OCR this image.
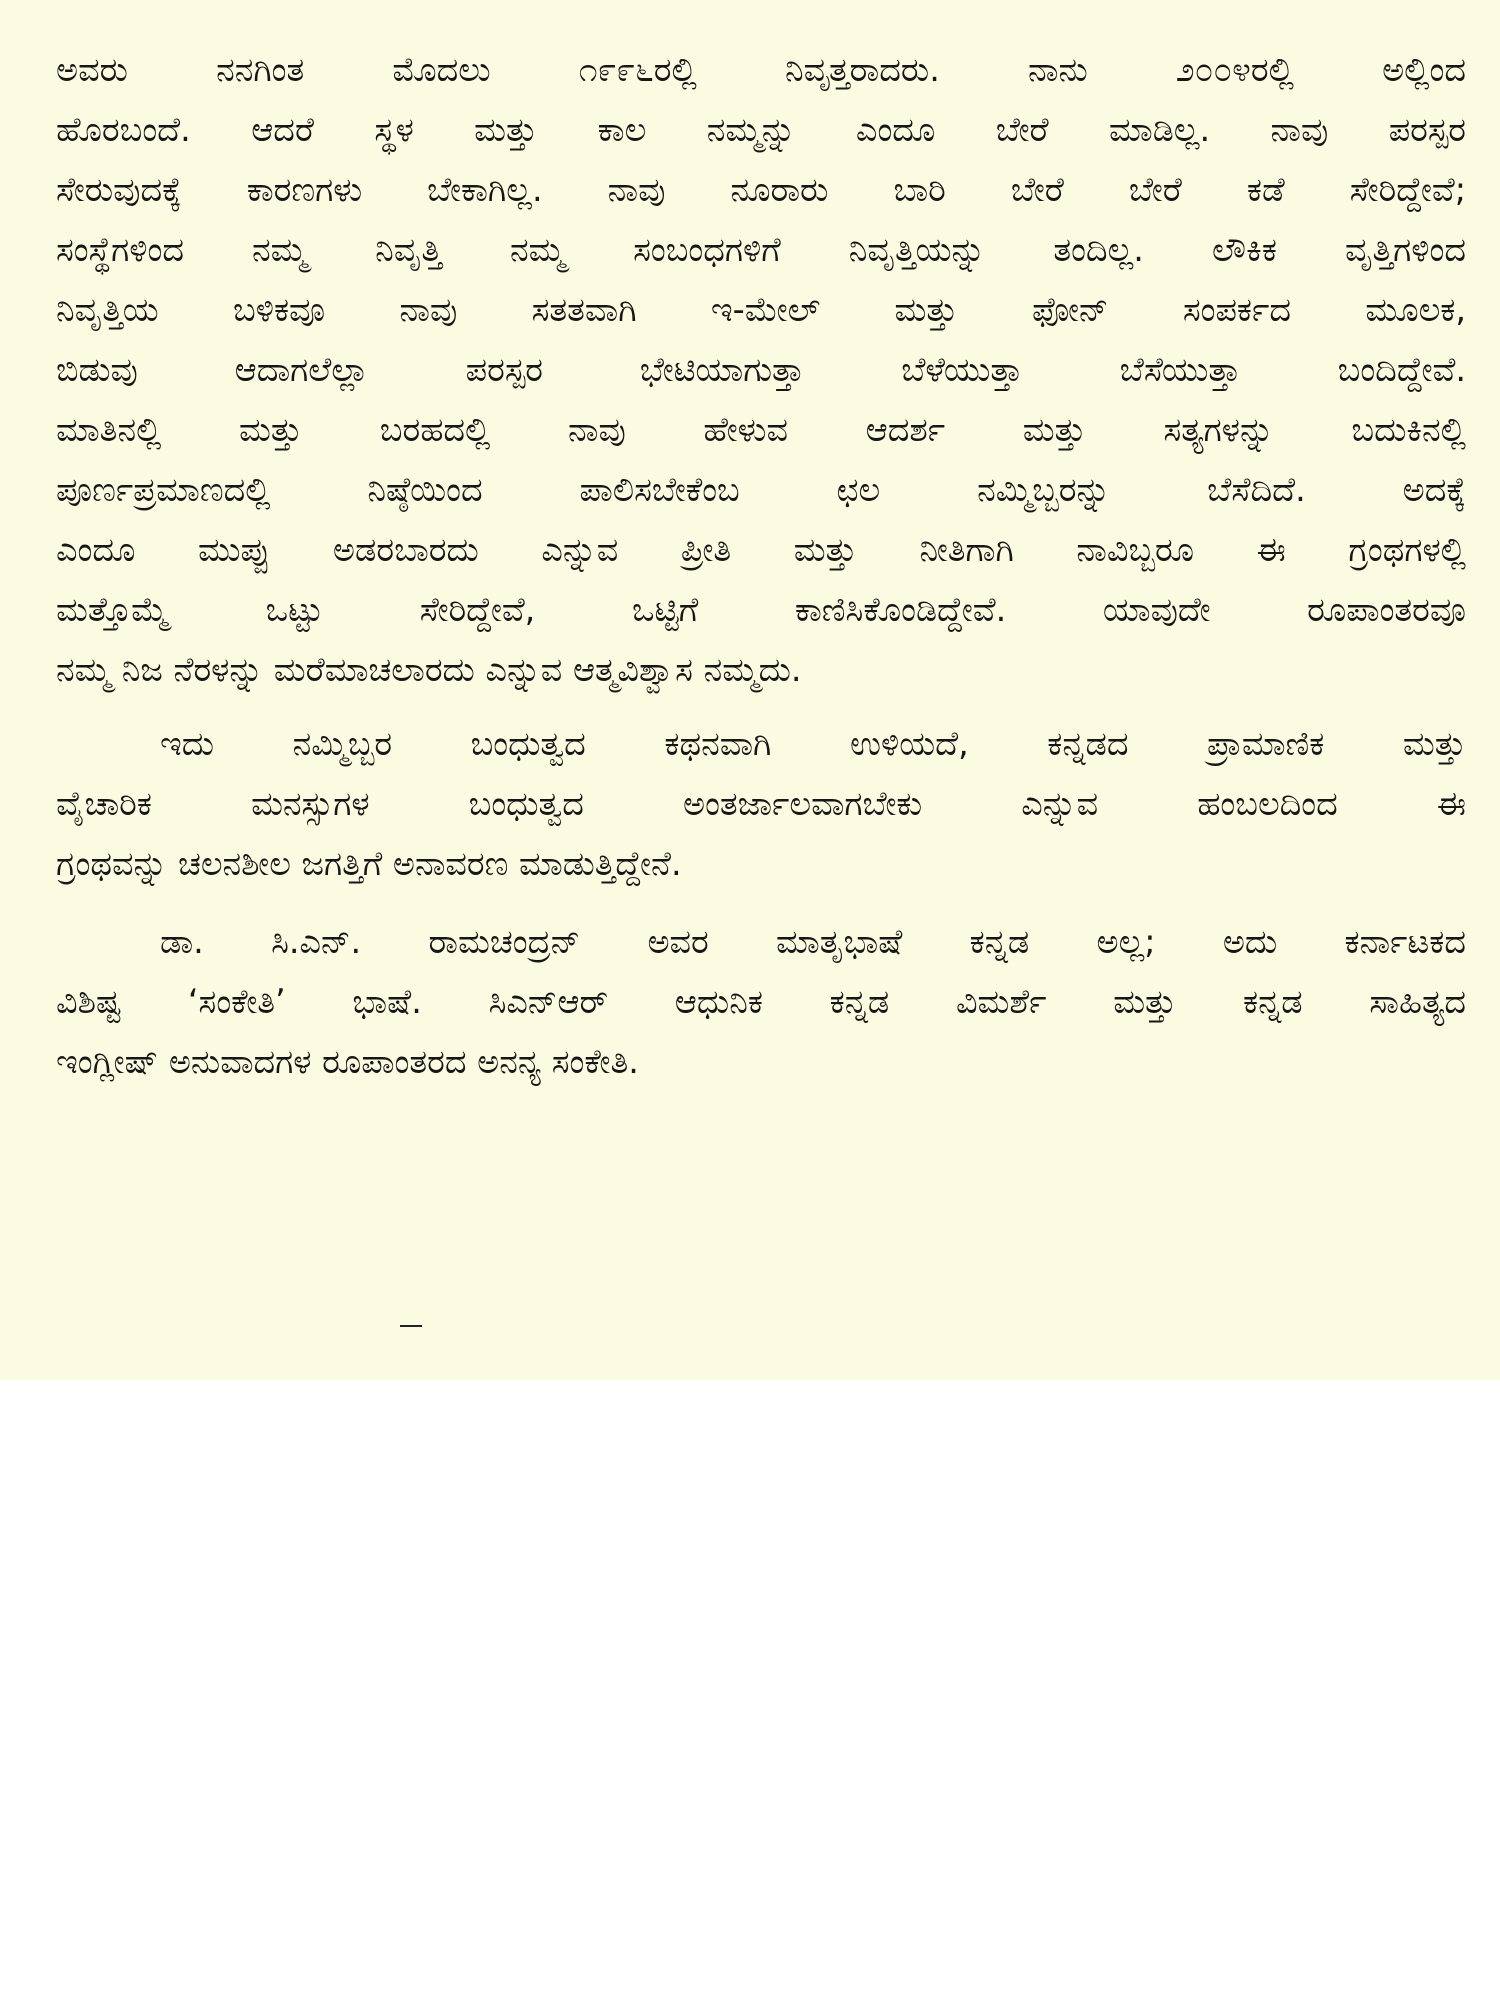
ಅವರು ನನಗಿಂತ ಮೊದಲು ೧೯೯೬ರಲ್ಲಿ ನಿವೃತ್ತರಾದರು. ನಾನು ೨೦೦೪ರಲ್ಲಿ ಅಲ್ಲಿಂದ
ಹೊರಬಂದೆ. ಆದರೆ ಸ್ಥಳ ಮತ್ತು ಕಾಲ ನಮ್ಮನ್ನು ಎಂದೂ ಬೇರೆ ಮಾಡಿಲ್ಲ. ನಾವು ಪರಸ್ಪರ
ಸೇರುವುದಕ್ಕೆ ಕಾರಣಗಳು ಬೇಕಾಗಿಲ್ಲ. ನಾವು ನೂರಾರು ಬಾರಿ ಬೇರೆ ಬೇರೆ ಕಡೆ ಸೇರಿದ್ದೇವೆ;
ಸಂಸ್ಥೆಗಳಿಂದ ನಮ್ಮ ನಿವೃತ್ತಿ ನಮ್ಮ ಸಂಬಂಧಗಳಿಗೆ ನಿವೃತ್ತಿಯನ್ನು ತಂದಿಲ್ಲ. ಲೌಕಿಕ ವೃತ್ತಿಗಳಿಂದ
ನಿವೃತ್ತಿಯ ಬಳಿಕವೂ ನಾವು ಸತತವಾಗಿ ಇ-ಮೇಲ್ ಮತ್ತು ಫೋನ್ ಸಂಪರ್ಕದ ಮೂಲಕ,
ಬಿಡುವು ಆದಾಗಲೆಲ್ಲಾ ಪರಸ್ಪರ ಭೇಟಿಯಾಗುತ್ತಾ ಬೆಳೆಯುತ್ತಾ ಬೆಸೆಯುತ್ತಾ ಬಂದಿದ್ದೇವೆ.
ಮಾತಿನಲ್ಲಿ ಮತ್ತು ಬರಹದಲ್ಲಿ ನಾವು ಹೇಳುವ ಆದರ್ಶ ಮತ್ತು ಸತ್ಯಗಳನ್ನು ಬದುಕಿನಲ್ಲಿ
ಪೂರ್ಣಪ್ರಮಾಣದಲ್ಲಿ ನಿಷ್ಠೆಯಿಂದ ಪಾಲಿಸಬೇಕೆಂಬ ಛಲ ನಮ್ಮಿಬ್ಬರನ್ನು ಬೆಸೆದಿದೆ. ಅದಕ್ಕೆ
ಎಂದೂ ಮುಪ್ಪು ಅಡರಬಾರದು ಎನ್ನುವ ಪ್ರೀತಿ ಮತ್ತು ನೀತಿಗಾಗಿ ನಾವಿಬ್ಬರೂ ಈ ಗ್ರಂಥಗಳಲ್ಲಿ
ಮತ್ತೊಮ್ಮೆ ಒಟ್ಟು ಸೇರಿದ್ದೇವೆ, ಒಟ್ಟಿಗೆ ಕಾಣಿಸಿಕೊಂಡಿದ್ದೇವೆ. ಯಾವುದೇ ರೂಪಾಂತರವೂ
ನಮ್ಮ ನಿಜ ನೆರಳನ್ನು ಮರೆಮಾಚಲಾರದು ಎನ್ನುವ ಆತ್ಮವಿಶ್ವಾಸ ನಮ್ಮದು.

ಇದು ನಮ್ಮಿಬ್ಬರ ಬಂಧುತ್ವದ ಕಥನವಾಗಿ ಉಳಿಯದೆ, ಕನ್ನಡದ ಪ್ರಾಮಾಣಿಕ ಮತ್ತು
ವೈಚಾರಿಕ ಮನಸ್ಸುಗಳ ಬಂಧುತ್ವದ ಅಂತರ್ಜಾಲವಾಗಬೇಕು ಎನ್ನುವ ಹಂಬಲದಿಂದ ಈ
ಗ್ರಂಥವನ್ನು ಚಲನಶೀಲ ಜಗತ್ತಿಗೆ ಅನಾವರಣ ಮಾಡುತ್ತಿದ್ದೇನೆ.

ಡಾ. ಸಿ.ಎನ್. ರಾಮಚಂದ್ರನ್ ಅವರ ಮಾತೃಭಾಷೆ ಕನ್ನಡ ಅಲ್ಲ; ಅದು ಕರ್ನಾಟಕದ
ವಿಶಿಷ್ಟ ‘ಸಂಕೇತಿ’ ಭಾಷೆ. ಸಿಎನ್‌ಆರ್ ಆಧುನಿಕ ಕನ್ನಡ ವಿಮರ್ಶೆ ಮತ್ತು ಕನ್ನಡ ಸಾಹಿತ್ಯದ
ಇಂಗ್ಲೀಷ್ ಅನುವಾದಗಳ ರೂಪಾಂತರದ ಅನನ್ಯ ಸಂಕೇತಿ.
